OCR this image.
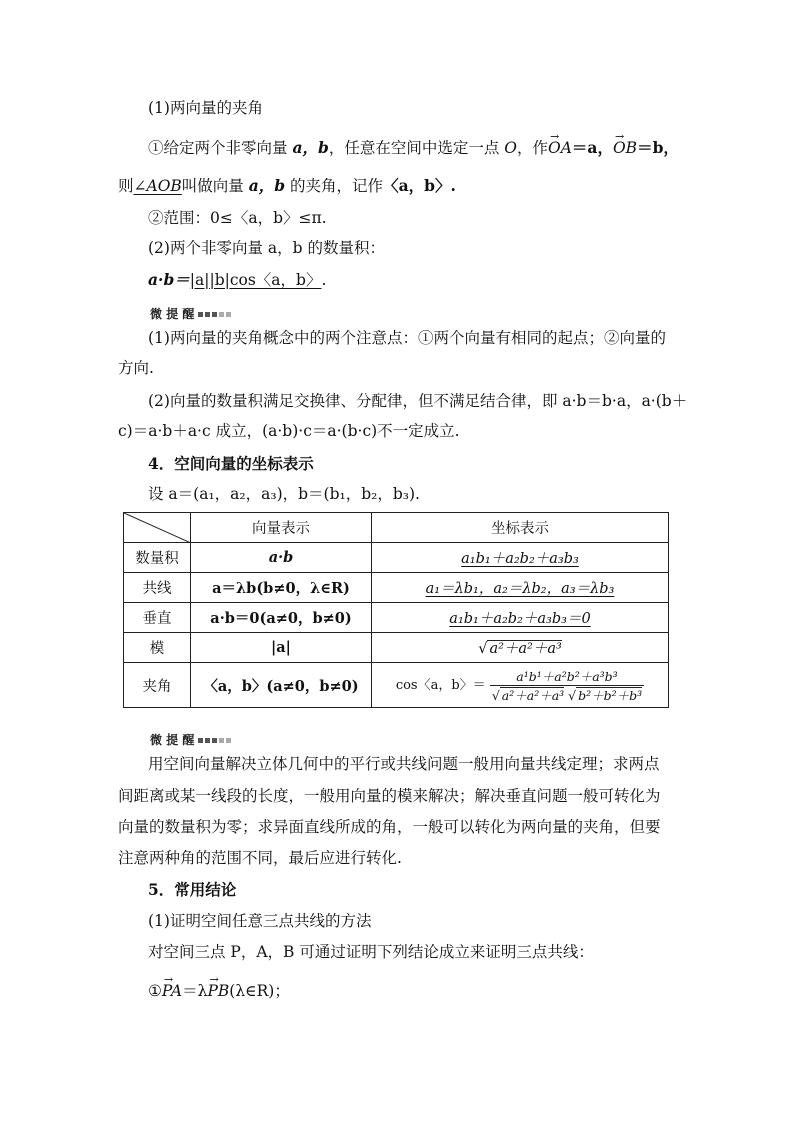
(1)两向量的夹角
①给定两个非零向量 a，b，任意在空间中选定一点 O，作→ OA＝a，→ OB＝b，
则∠AOB叫做向量 a，b 的夹角，记作〈a，b〉.
②范围：0≤〈a，b〉≤π.
(2)两个非零向量 a，b 的数量积：
a·b＝|a||b|cos〈a，b〉.
微 提 醒
(1)两向量的夹角概念中的两个注意点：①两个向量有相同的起点；②向量的
方向.
(2)向量的数量积满足交换律、分配律，但不满足结合律，即 a·b＝b·a，a·(b＋
c)＝a·b＋a·c 成立，(a·b)·c＝a·(b·c)不一定成立.
4．空间向量的坐标表示
设 a＝(a₁，a₂，a₃)，b＝(b₁，b₂，b₃).
	向量表示	坐标表示
数量积	a·b	a₁b₁＋a₂b₂＋a₃b₃
共线	a＝λb(b≠0，λ∈R)	a₁＝λb₁，a₂＝λb₂，a₃＝λb₃
垂直	a·b＝0(a≠0，b≠0)	a₁b₁＋a₂b₂＋a₃b₃＝0
模	|a|	√ a²＋a²＋a³
夹角	〈a，b〉(a≠0，b≠0)	cos〈a，b〉＝ $\frac{\text{a¹b¹＋a²b²＋a³b³}}{\text{√ a²＋a²＋a³ √ b²＋b²＋b³}}$
微 提 醒
用空间向量解决立体几何中的平行或共线问题一般用向量共线定理；求两点
间距离或某一线段的长度，一般用向量的模来解决；解决垂直问题一般可转化为
向量的数量积为零；求异面直线所成的角，一般可以转化为两向量的夹角，但要
注意两种角的范围不同，最后应进行转化.
5．常用结论
(1)证明空间任意三点共线的方法
对空间三点 P，A，B 可通过证明下列结论成立来证明三点共线：
①→ PA＝λ→ PB(λ∈R)；
